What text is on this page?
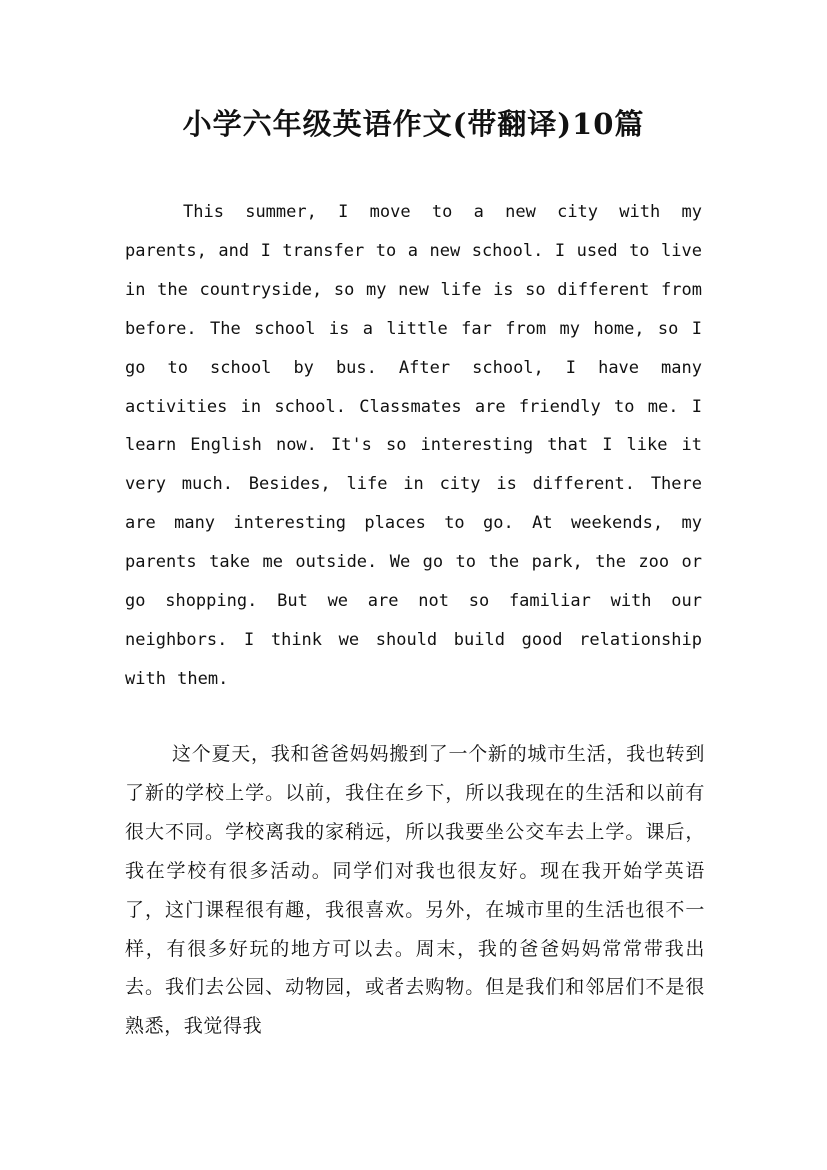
小学六年级英语作文(带翻译)10篇

This summer, I move to a new city with my parents, and I transfer to a new school. I used to live in the countryside, so my new life is so different from before. The school is a little far from my home, so I go to school by bus. After school, I have many activities in school. Classmates are friendly to me. I learn English now. It's so interesting that I like it very much. Besides, life in city is different. There are many interesting places to go. At weekends, my parents take me outside. We go to the park, the zoo or go shopping. But we are not so familiar with our neighbors. I think we should build good relationship with them.

这个夏天，我和爸爸妈妈搬到了一个新的城市生活，我也转到了新的学校上学。以前，我住在乡下，所以我现在的生活和以前有很大不同。学校离我的家稍远，所以我要坐公交车去上学。课后，我在学校有很多活动。同学们对我也很友好。现在我开始学英语了，这门课程很有趣，我很喜欢。另外，在城市里的生活也很不一样，有很多好玩的地方可以去。周末，我的爸爸妈妈常常带我出去。我们去公园、动物园，或者去购物。但是我们和邻居们不是很熟悉，我觉得我
